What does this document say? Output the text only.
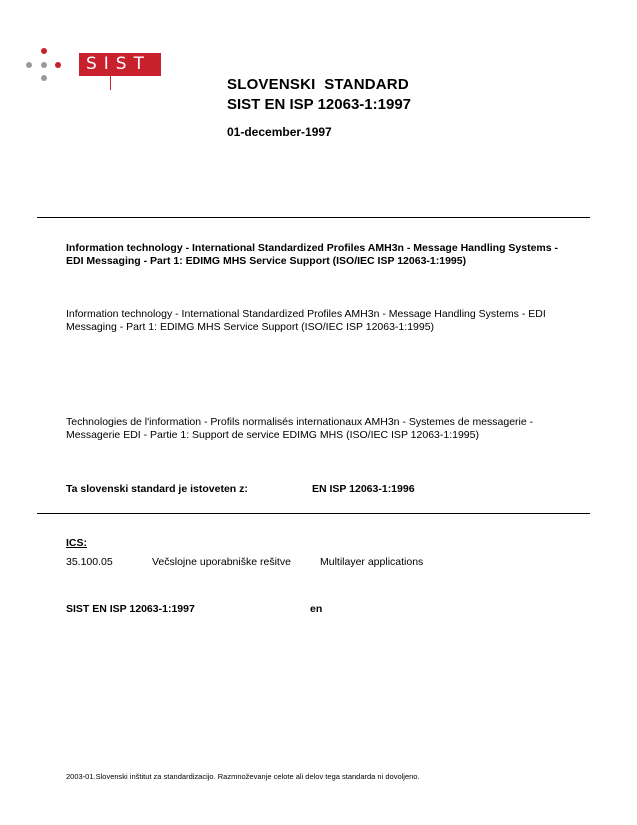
SIST
SLOVENSKI  STANDARD
SIST EN ISP 12063-1:1997
01-december-1997
Information technology - International Standardized Profiles AMH3n - Message Handling Systems - EDI Messaging - Part 1: EDIMG MHS Service Support (ISO/IEC ISP 12063-1:1995)
Information technology - International Standardized Profiles AMH3n - Message Handling Systems - EDI Messaging - Part 1: EDIMG MHS Service Support (ISO/IEC ISP 12063-1:1995)
Technologies de l'information - Profils normalisés internationaux AMH3n - Systemes de messagerie - Messagerie EDI - Partie 1: Support de service EDIMG MHS (ISO/IEC ISP 12063-1:1995)
Ta slovenski standard je istoveten z:	EN ISP 12063-1:1996
ICS:
35.100.05	Večslojne uporabniške rešitve	Multilayer applications
SIST EN ISP 12063-1:1997	en
2003-01.Slovenski inštitut za standardizacijo. Razmnoževanje celote ali delov tega standarda ni dovoljeno.
